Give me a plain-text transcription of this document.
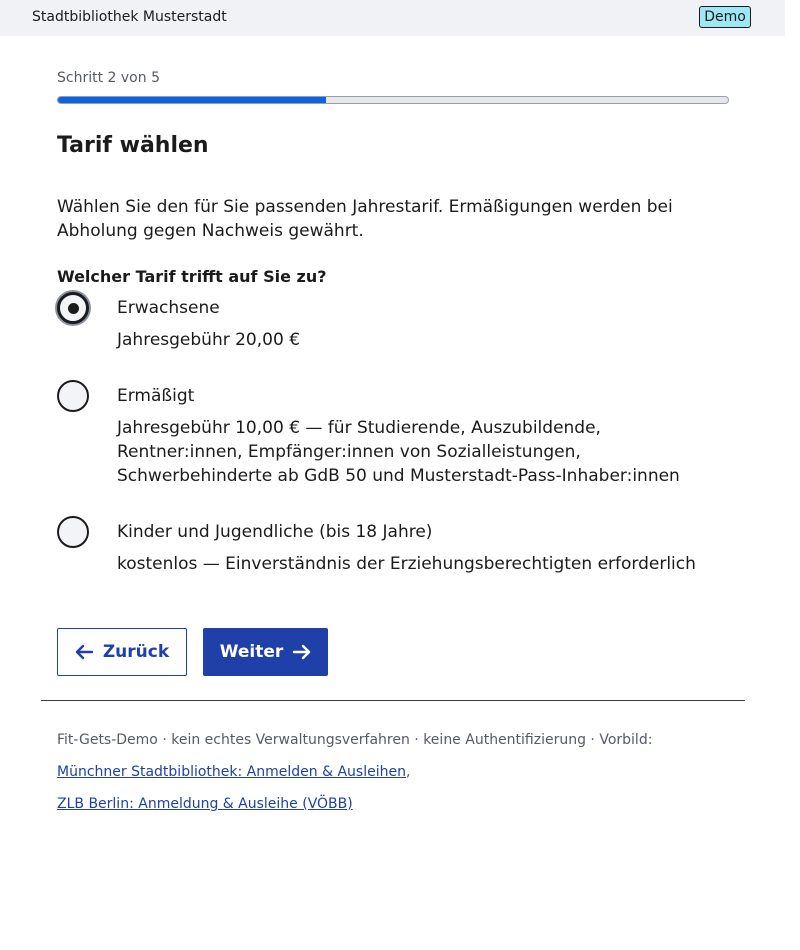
Stadtbibliothek Musterstadt	Demo
Schritt 2 von 5
Tarif wählen

Wählen Sie den für Sie passenden Jahrestarif. Ermäßigungen werden bei Abholung gegen Nachweis gewährt.

Welcher Tarif trifft auf Sie zu?
Erwachsene
Jahresgebühr 20,00 €
Ermäßigt
Jahresgebühr 10,00 € — für Studierende, Auszubildende, Rentner:innen, Empfänger:innen von Sozialleistungen, Schwerbehinderte ab GdB 50 und Musterstadt-Pass-Inhaber:innen
Kinder und Jugendliche (bis 18 Jahre)
kostenlos — Einverständnis der Erziehungsberechtigten erforderlich
Zurück	Weiter
Fit-Gets-Demo · kein echtes Verwaltungsverfahren · keine Authentifizierung · Vorbild:
Münchner Stadtbibliothek: Anmelden & Ausleihen,
ZLB Berlin: Anmeldung & Ausleihe (VÖBB)
